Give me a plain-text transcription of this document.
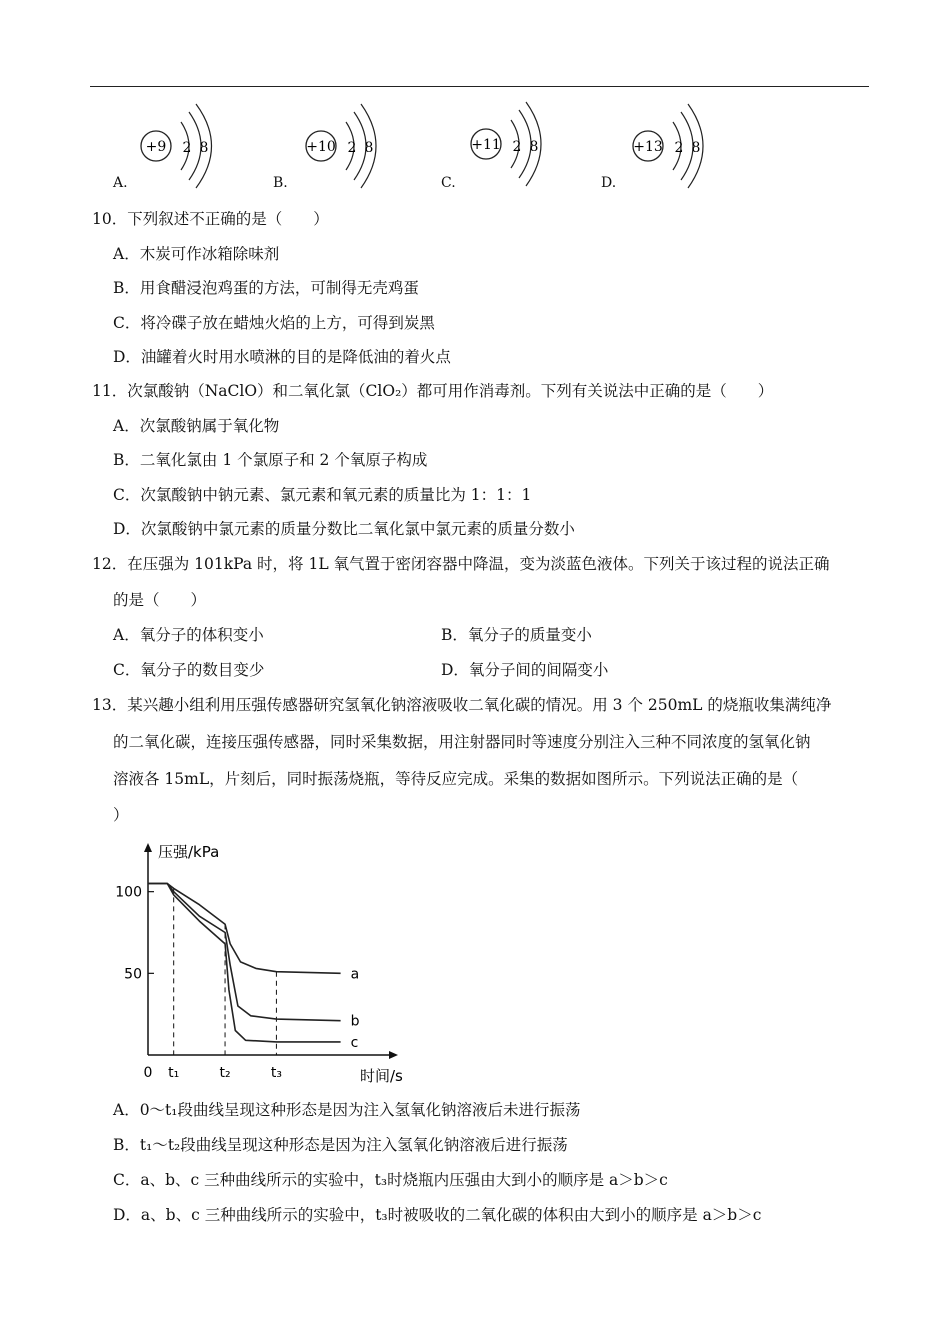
+9 2 8
A.
+10 2 8
B.
+11 2 8
C.
+13 2 8
D.
10．下列叙述不正确的是（　　）
A．木炭可作冰箱除味剂
B．用食醋浸泡鸡蛋的方法，可制得无壳鸡蛋
C．将冷碟子放在蜡烛火焰的上方，可得到炭黑
D．油罐着火时用水喷淋的目的是降低油的着火点
11．次氯酸钠（NaClO）和二氧化氯（ClO₂）都可用作消毒剂。下列有关说法中正确的是（　　）
A．次氯酸钠属于氧化物
B．二氧化氯由 1 个氯原子和 2 个氧原子构成
C．次氯酸钠中钠元素、氯元素和氧元素的质量比为 1：1：1
D．次氯酸钠中氯元素的质量分数比二氧化氯中氯元素的质量分数小
12．在压强为 101kPa 时，将 1L 氧气置于密闭容器中降温，变为淡蓝色液体。下列关于该过程的说法正确
的是（　　）
A．氧分子的体积变小	B．氧分子的质量变小
C．氧分子的数目变少	D．氧分子间的间隔变小
13．某兴趣小组利用压强传感器研究氢氧化钠溶液吸收二氧化碳的情况。用 3 个 250mL 的烧瓶收集满纯净
的二氧化碳，连接压强传感器，同时采集数据，用注射器同时等速度分别注入三种不同浓度的氢氧化钠
溶液各 15mL，片刻后，同时振荡烧瓶，等待反应完成。采集的数据如图所示。下列说法正确的是（
）
压强/kPa
时间/s
100
50
0 t₁	t₂	t₃
a
b
c
A．0～t₁段曲线呈现这种形态是因为注入氢氧化钠溶液后未进行振荡
B．t₁～t₂段曲线呈现这种形态是因为注入氢氧化钠溶液后进行振荡
C．a、b、c 三种曲线所示的实验中，t₃时烧瓶内压强由大到小的顺序是 a＞b＞c
D．a、b、c 三种曲线所示的实验中，t₃时被吸收的二氧化碳的体积由大到小的顺序是 a＞b＞c
